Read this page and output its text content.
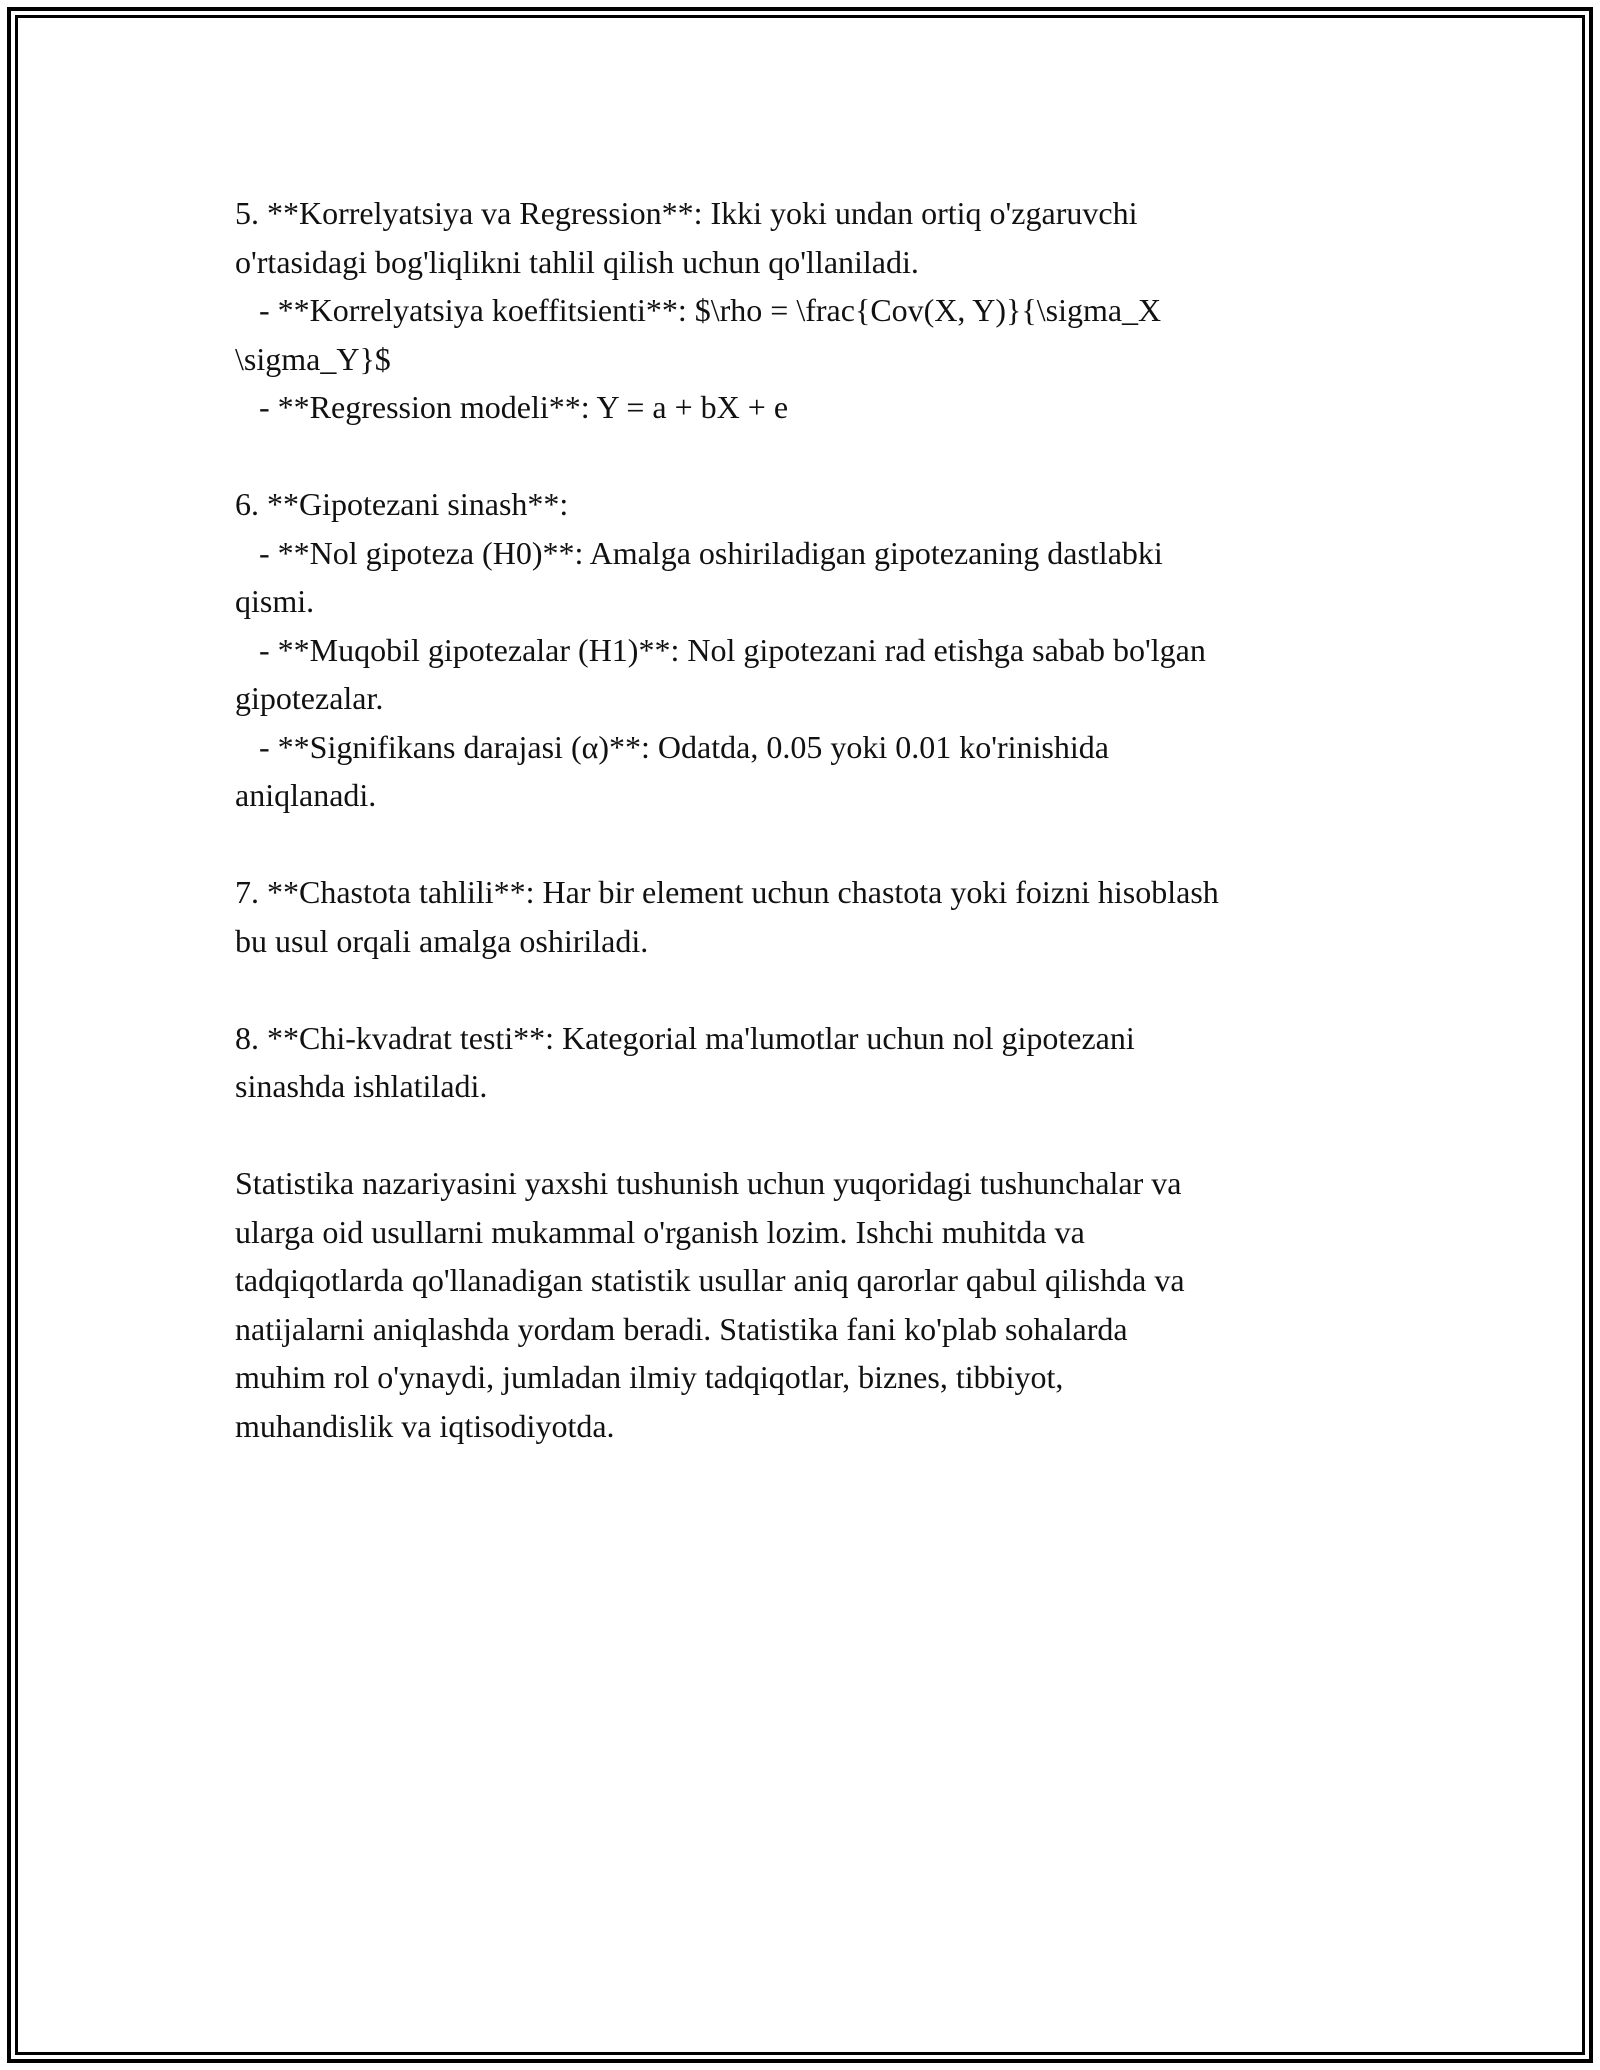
5. **Korrelyatsiya va Regression**: Ikki yoki undan ortiq o'zgaruvchi

o'rtasidagi bog'liqlikni tahlil qilish uchun qo'llaniladi.

- **Korrelyatsiya koeffitsienti**: $\rho = \frac{Cov(X, Y)}{\sigma_X

\sigma_Y}$

- **Regression modeli**: Y = a + bX + e

6. **Gipotezani sinash**:

- **Nol gipoteza (H0)**: Amalga oshiriladigan gipotezaning dastlabki

qismi.

- **Muqobil gipotezalar (H1)**: Nol gipotezani rad etishga sabab bo'lgan

gipotezalar.

- **Signifikans darajasi (α)**: Odatda, 0.05 yoki 0.01 ko'rinishida

aniqlanadi.

7. **Chastota tahlili**: Har bir element uchun chastota yoki foizni hisoblash

bu usul orqali amalga oshiriladi.

8. **Chi-kvadrat testi**: Kategorial ma'lumotlar uchun nol gipotezani

sinashda ishlatiladi.

Statistika nazariyasini yaxshi tushunish uchun yuqoridagi tushunchalar va

ularga oid usullarni mukammal o'rganish lozim. Ishchi muhitda va

tadqiqotlarda qo'llanadigan statistik usullar aniq qarorlar qabul qilishda va

natijalarni aniqlashda yordam beradi. Statistika fani ko'plab sohalarda

muhim rol o'ynaydi, jumladan ilmiy tadqiqotlar, biznes, tibbiyot,

muhandislik va iqtisodiyotda.
